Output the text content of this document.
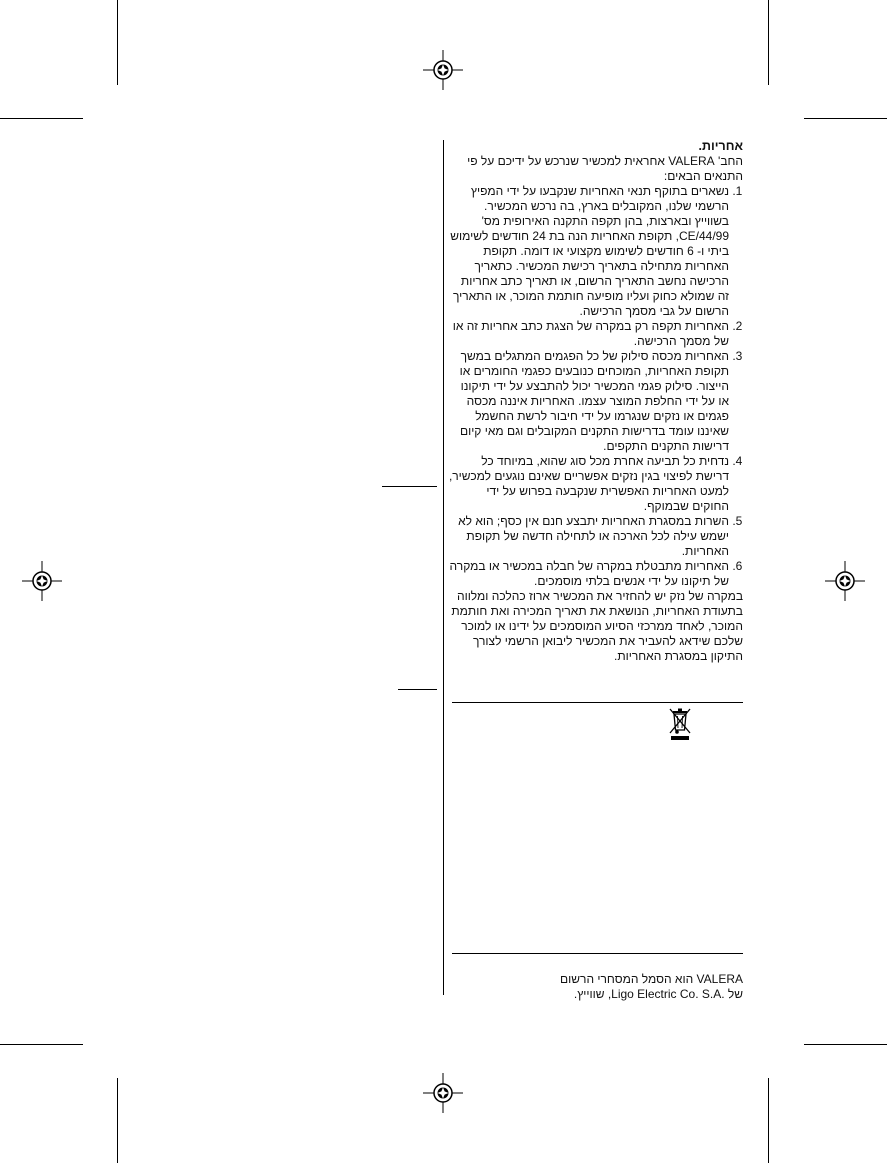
אחריות.

החב' VALERA אחראית למכשיר שנרכש על ידיכם על פי התנאים הבאים:

1. נשארים בתוקף תנאי האחריות שנקבעו על ידי המפיץ הרשמי שלנו, המקובלים בארץ, בה נרכש המכשיר. בשווייץ ובארצות, בהן תקפה התקנה האירופית מס' 44/99/CE, תקופת האחריות הנה בת 24 חודשים לשימוש ביתי ו- 6 חודשים לשימוש מקצועי או דומה. תקופת האחריות מתחילה בתאריך רכישת המכשיר. כתאריך הרכישה נחשב התאריך הרשום, או תאריך כתב אחריות זה שמולא כחוק ועליו מופיעה חותמת המוכר, או התאריך הרשום על גבי מסמך הרכישה.
2. האחריות תקפה רק במקרה של הצגת כתב אחריות זה או של מסמך הרכישה.
3. האחריות מכסה סילוק של כל הפגמים המתגלים במשך תקופת האחריות, המוכחים כנובעים כפגמי החומרים או הייצור. סילוק פגמי המכשיר יכול להתבצע על ידי תיקונו או על ידי החלפת המוצר עצמו. האחריות איננה מכסה פגמים או נזקים שנגרמו על ידי חיבור לרשת החשמל שאיננו עומד בדרישות התקנים המקובלים וגם מאי קיום דרישות התקנים התקפים.
4. נדחית כל תביעה אחרת מכל סוג שהוא, במיוחד כל דרישת לפיצוי בגין נזקים אפשריים שאינם נוגעים למכשיר, למעט האחריות האפשרית שנקבעה בפרוש על ידי החוקים שבמוקף.
5. השרות במסגרת האחריות יתבצע חנם אין כסף; הוא לא ישמש עילה לכל הארכה או לתחילה חדשה של תקופת האחריות.
6. האחריות מתבטלת במקרה של חבלה במכשיר או במקרה של תיקונו על ידי אנשים בלתי מוסמכים.

במקרה של נזק יש להחזיר את המכשיר ארוז כהלכה ומלווה בתעודת האחריות, הנושאת את תאריך המכירה ואת חותמת המוכר, לאחד ממרכזי הסיוע המוסמכים על ידינו או למוכר שלכם שידאג להעביר את המכשיר ליבואן הרשמי לצורך התיקון במסגרת האחריות.

VALERA הוא הסמל המסחרי הרשום

של .Ligo Electric Co. S.A, שווייץ.
